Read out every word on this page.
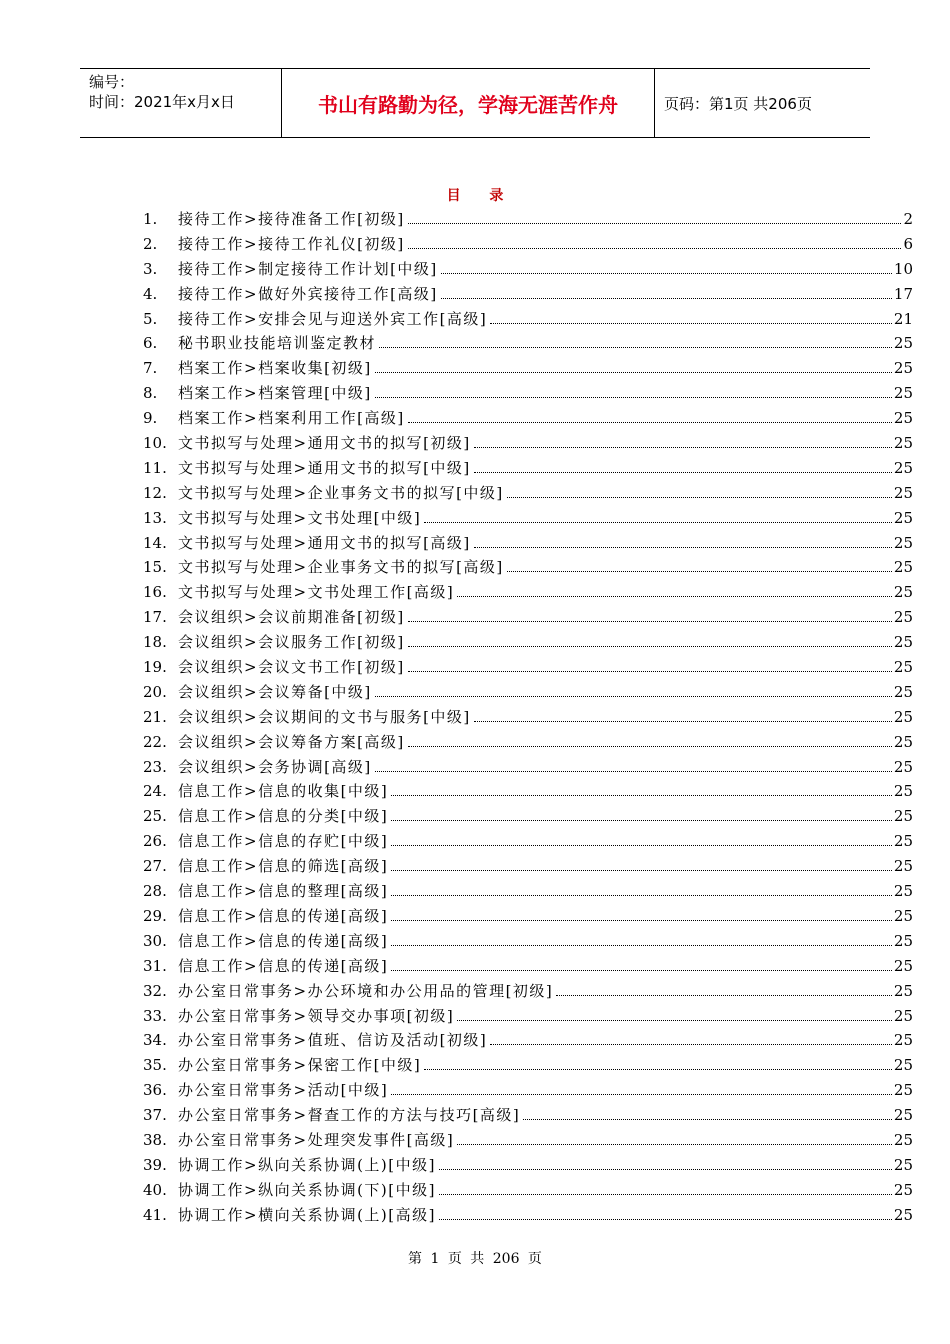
编号：
时间：2021年x月x日	书山有路勤为径，学海无涯苦作舟	页码：第1页 共206页
目 录
1.	接待工作>接待准备工作[初级]	2
2.	接待工作>接待工作礼仪[初级]	6
3.	接待工作>制定接待工作计划[中级]	10
4.	接待工作>做好外宾接待工作[高级]	17
5.	接待工作>安排会见与迎送外宾工作[高级]	21
6.	秘书职业技能培训鉴定教材	25
7.	档案工作>档案收集[初级]	25
8.	档案工作>档案管理[中级]	25
9.	档案工作>档案利用工作[高级]	25
10. 文书拟写与处理>通用文书的拟写[初级]	25
11. 文书拟写与处理>通用文书的拟写[中级]	25
12. 文书拟写与处理>企业事务文书的拟写[中级]	25
13. 文书拟写与处理>文书处理[中级]	25
14. 文书拟写与处理>通用文书的拟写[高级]	25
15. 文书拟写与处理>企业事务文书的拟写[高级]	25
16. 文书拟写与处理>文书处理工作[高级]	25
17. 会议组织>会议前期准备[初级]	25
18. 会议组织>会议服务工作[初级]	25
19. 会议组织>会议文书工作[初级]	25
20. 会议组织>会议筹备[中级]	25
21. 会议组织>会议期间的文书与服务[中级]	25
22. 会议组织>会议筹备方案[高级]	25
23. 会议组织>会务协调[高级]	25
24. 信息工作>信息的收集[中级]	25
25. 信息工作>信息的分类[中级]	25
26. 信息工作>信息的存贮[中级]	25
27. 信息工作>信息的筛选[高级]	25
28. 信息工作>信息的整理[高级]	25
29. 信息工作>信息的传递[高级]	25
30. 信息工作>信息的传递[高级]	25
31. 信息工作>信息的传递[高级]	25
32. 办公室日常事务>办公环境和办公用品的管理[初级]	25
33. 办公室日常事务>领导交办事项[初级]	25
34. 办公室日常事务>值班、信访及活动[初级]	25
35. 办公室日常事务>保密工作[中级]	25
36. 办公室日常事务>活动[中级]	25
37. 办公室日常事务>督查工作的方法与技巧[高级]	25
38. 办公室日常事务>处理突发事件[高级]	25
39. 协调工作>纵向关系协调(上)[中级]	25
40. 协调工作>纵向关系协调(下)[中级]	25
41. 协调工作>横向关系协调(上)[高级]	25
第 1 页 共 206 页
